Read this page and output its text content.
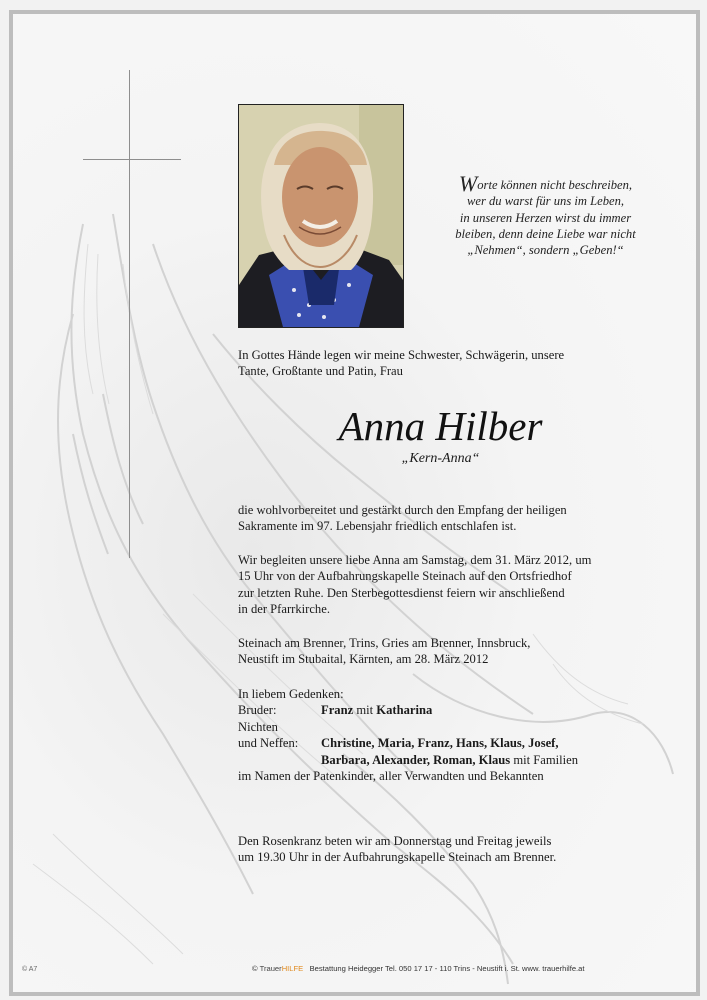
Worte können nicht beschreiben,
wer du warst für uns im Leben,
in unseren Herzen wirst du immer
bleiben, denn deine Liebe war nicht
„Nehmen“, sondern „Geben!“
In Gottes Hände legen wir meine Schwester, Schwägerin, unsere
Tante, Großtante und Patin, Frau
Anna Hilber
„Kern-Anna“
die wohlvorbereitet und gestärkt durch den Empfang der heiligen
Sakramente im 97. Lebensjahr friedlich entschlafen ist.
Wir begleiten unsere liebe Anna am Samstag, dem 31. März 2012, um
15 Uhr von der Aufbahrungskapelle Steinach auf den Ortsfriedhof
zur letzten Ruhe. Den Sterbegottesdienst feiern wir anschließend
in der Pfarrkirche.
Steinach am Brenner, Trins, Gries am Brenner, Innsbruck,
Neustift im Stubaital, Kärnten, am 28. März 2012
In liebem Gedenken:
Bruder:	Franz mit Katharina
Nichten
und Neffen:	Christine, Maria, Franz, Hans, Klaus, Josef,
Barbara, Alexander, Roman, Klaus mit Familien
im Namen der Patenkinder, aller Verwandten und Bekannten
Den Rosenkranz beten wir am Donnerstag und Freitag jeweils
um 19.30 Uhr in der Aufbahrungskapelle Steinach am Brenner.
© A7	© TrauerHILFE Bestattung Heidegger Tel. 050 17 17 - 110 Trins - Neustift i. St. www. trauerhilfe.at
